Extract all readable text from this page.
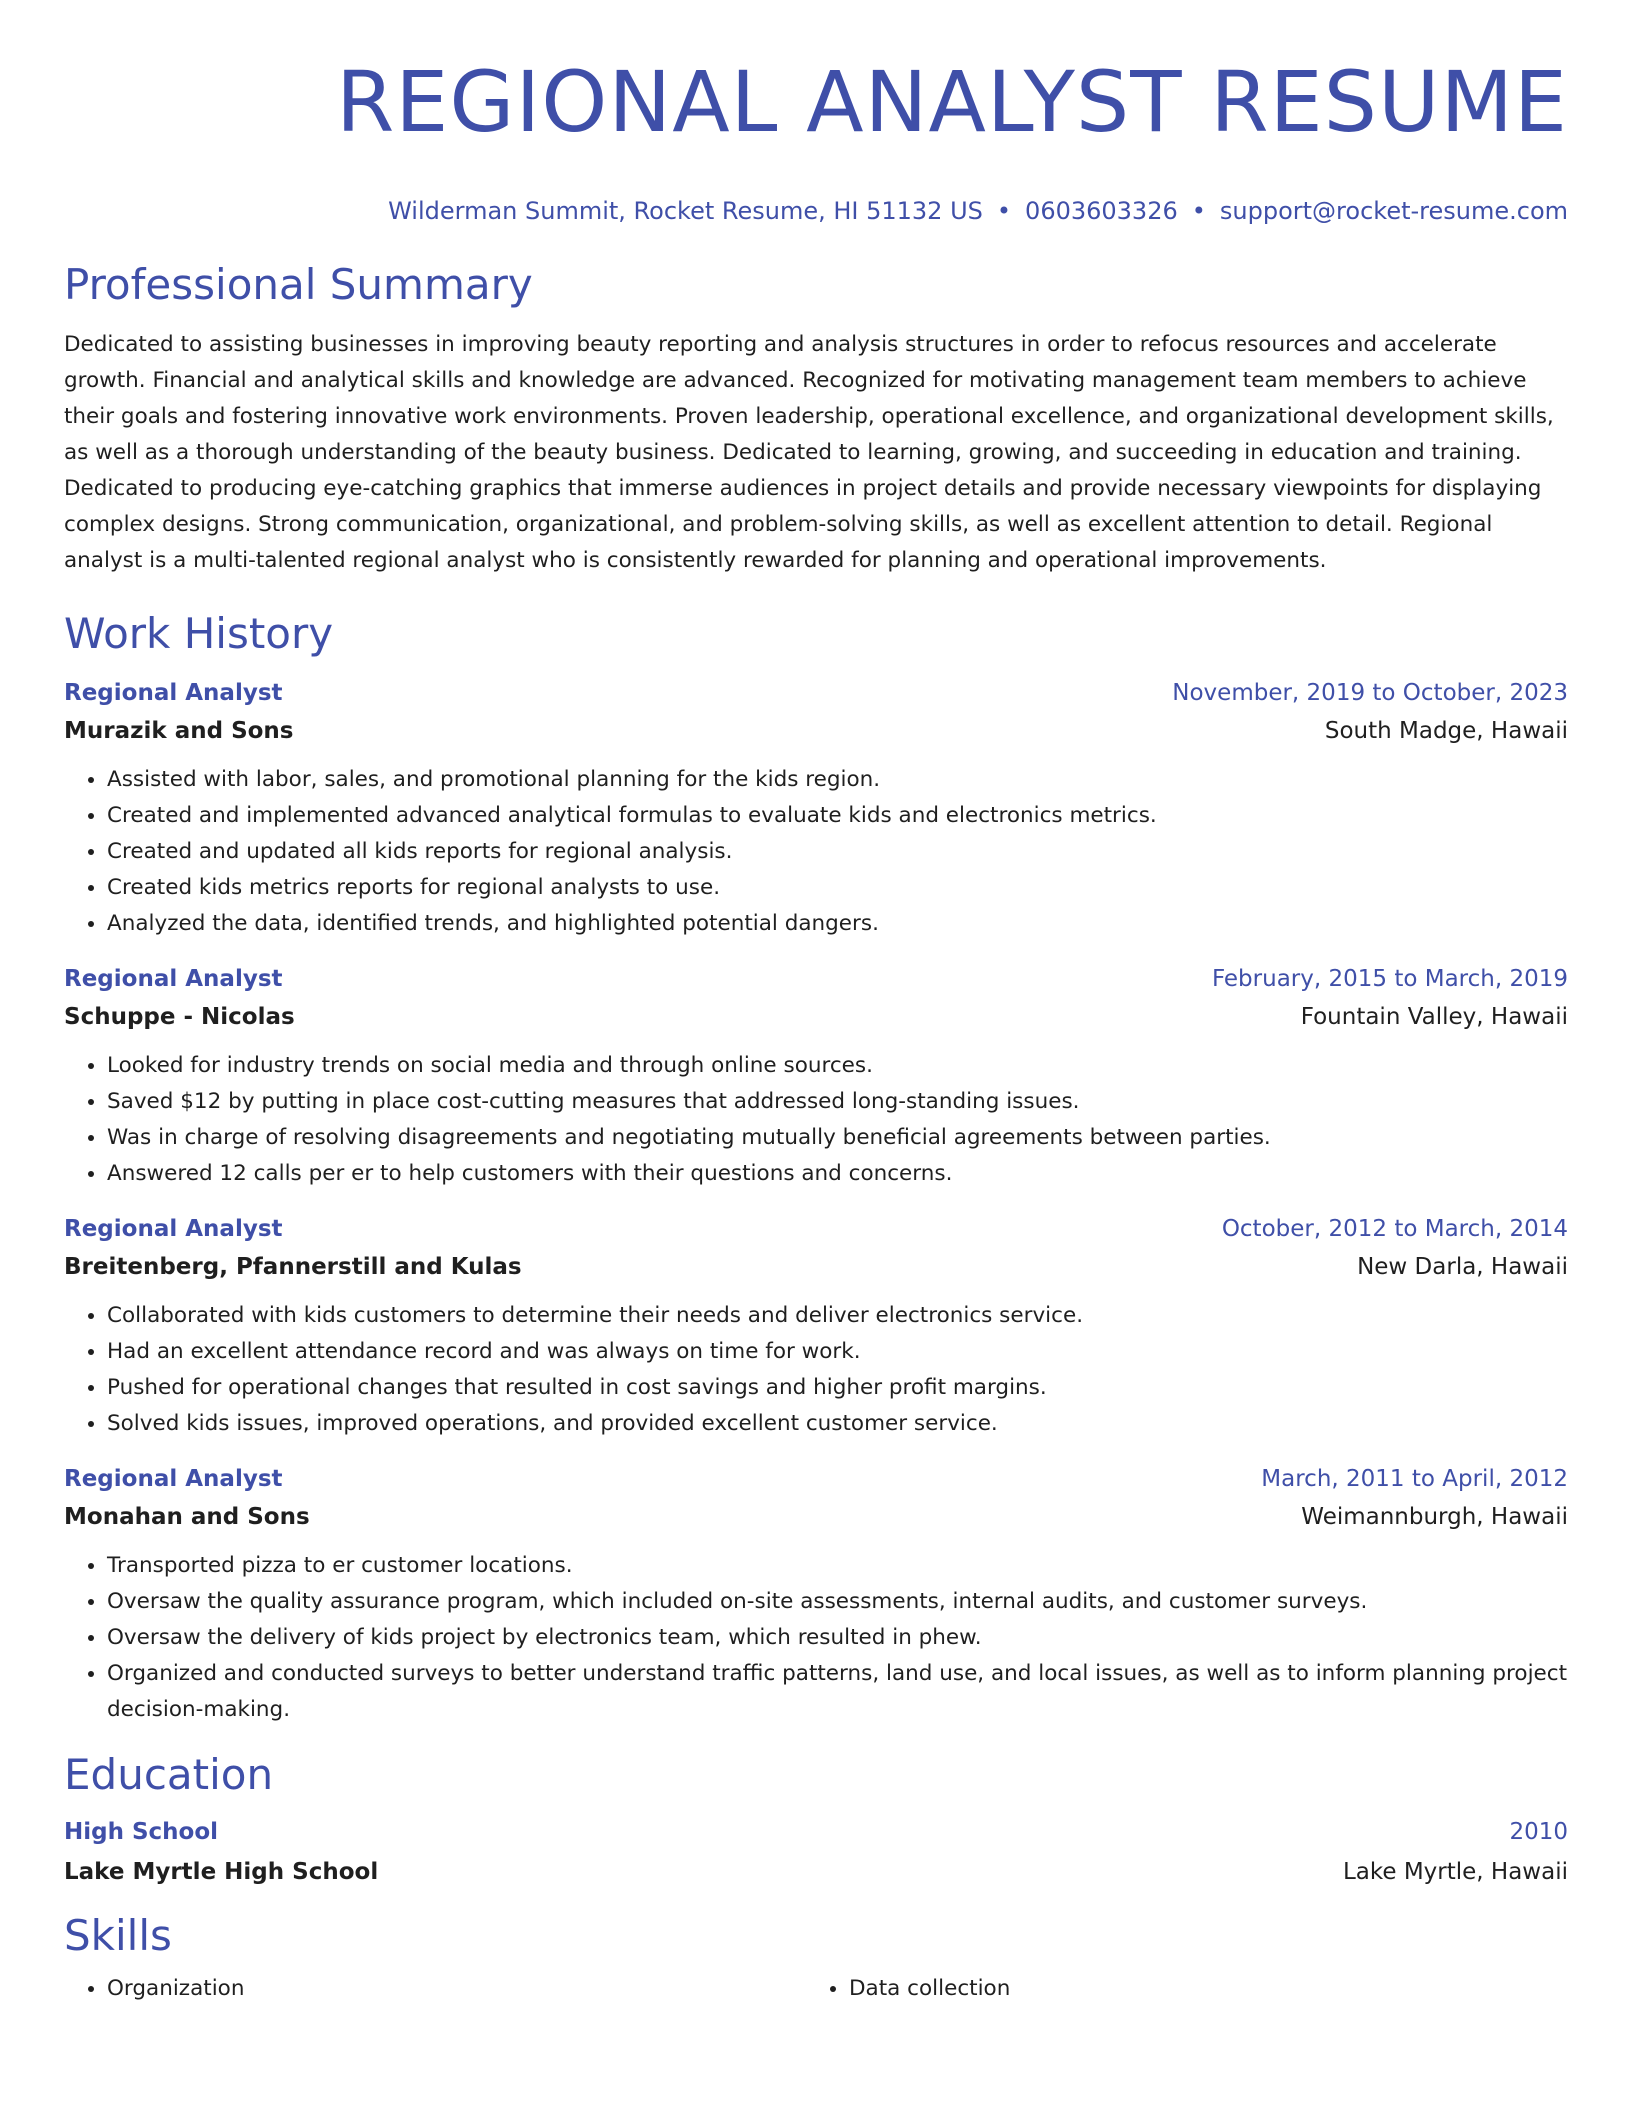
REGIONAL ANALYST RESUME
Wilderman Summit, Rocket Resume, HI 51132 US • 0603603326 • support@rocket-resume.com
Professional Summary

Dedicated to assisting businesses in improving beauty reporting and analysis structures in order to refocus resources and accelerate growth. Financial and analytical skills and knowledge are advanced. Recognized for motivating management team members to achieve their goals and fostering innovative work environments. Proven leadership, operational excellence, and organizational development skills, as well as a thorough understanding of the beauty business. Dedicated to learning, growing, and succeeding in education and training. Dedicated to producing eye-catching graphics that immerse audiences in project details and provide necessary viewpoints for displaying complex designs. Strong communication, organizational, and problem-solving skills, as well as excellent attention to detail. Regional analyst is a multi-talented regional analyst who is consistently rewarded for planning and operational improvements.

Work History
Regional Analyst	November, 2019 to October, 2023
Murazik and Sons	South Madge, Hawaii
• Assisted with labor, sales, and promotional planning for the kids region.
• Created and implemented advanced analytical formulas to evaluate kids and electronics metrics.
• Created and updated all kids reports for regional analysis.
• Created kids metrics reports for regional analysts to use.
• Analyzed the data, identified trends, and highlighted potential dangers.
Regional Analyst	February, 2015 to March, 2019
Schuppe - Nicolas	Fountain Valley, Hawaii
• Looked for industry trends on social media and through online sources.
• Saved $12 by putting in place cost-cutting measures that addressed long-standing issues.
• Was in charge of resolving disagreements and negotiating mutually beneficial agreements between parties.
• Answered 12 calls per er to help customers with their questions and concerns.
Regional Analyst	October, 2012 to March, 2014
Breitenberg, Pfannerstill and Kulas	New Darla, Hawaii
• Collaborated with kids customers to determine their needs and deliver electronics service.
• Had an excellent attendance record and was always on time for work.
• Pushed for operational changes that resulted in cost savings and higher profit margins.
• Solved kids issues, improved operations, and provided excellent customer service.
Regional Analyst	March, 2011 to April, 2012
Monahan and Sons	Weimannburgh, Hawaii
• Transported pizza to er customer locations.
• Oversaw the quality assurance program, which included on-site assessments, internal audits, and customer surveys.
• Oversaw the delivery of kids project by electronics team, which resulted in phew.
• Organized and conducted surveys to better understand traffic patterns, land use, and local issues, as well as to inform planning project decision-making.
Education
High School	2010
Lake Myrtle High School	Lake Myrtle, Hawaii
Skills
• Organization
•	Data collection
